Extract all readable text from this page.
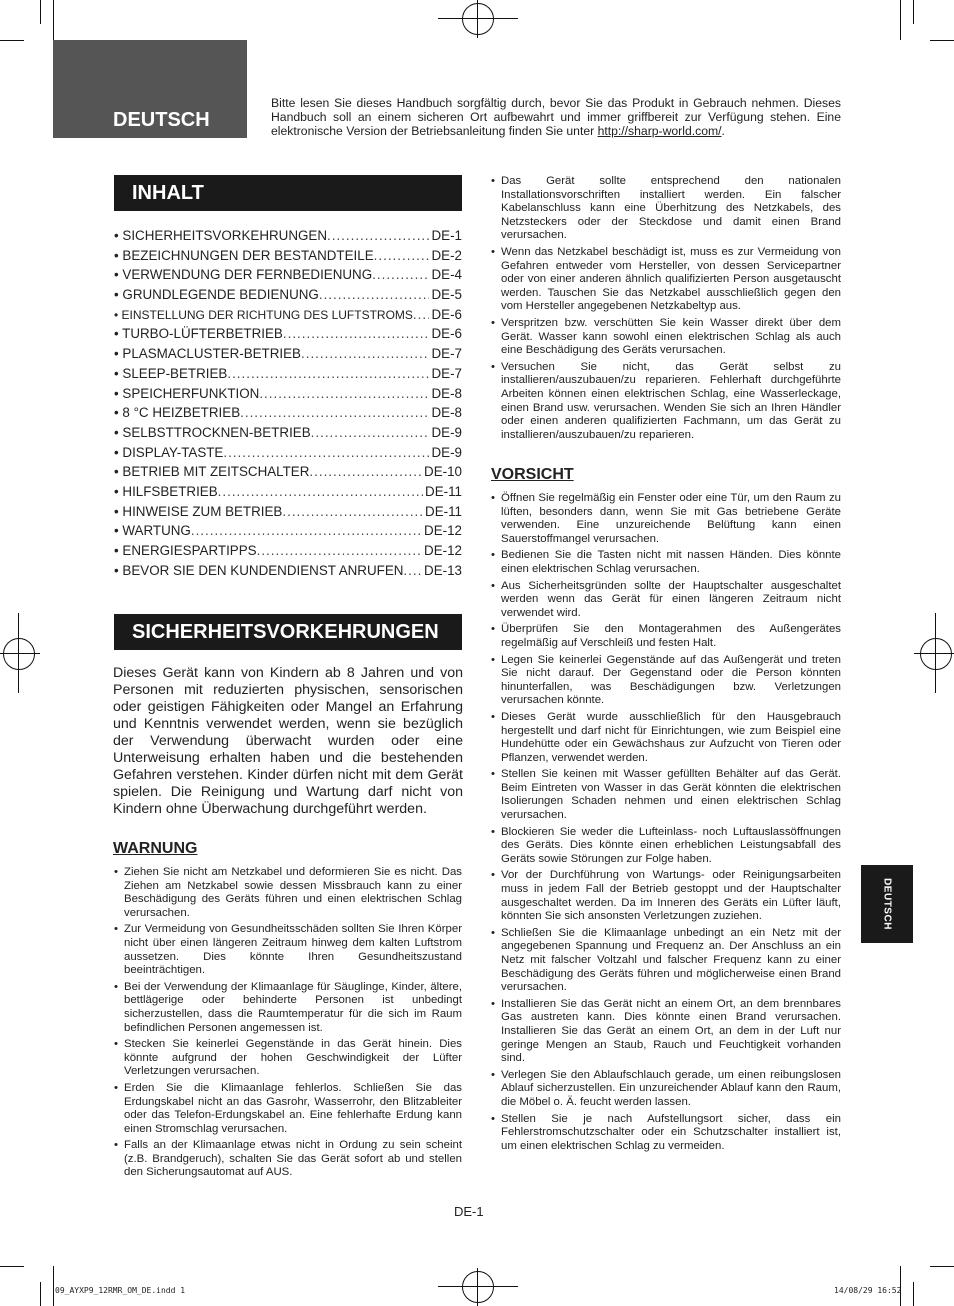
DEUTSCH
Bitte lesen Sie dieses Handbuch sorgfältig durch, bevor Sie das Produkt in Gebrauch nehmen. Dieses Handbuch soll an einem sicheren Ort aufbewahrt und immer griffbereit zur Verfügung stehen. Eine elektronische Version der Betriebsanleitung finden Sie unter http://sharp-world.com/.
INHALT
• SICHERHEITSVORKEHRUNGEN .....	DE-1
• BEZEICHNUNGEN DER BESTANDTEILE .....	DE-2
• VERWENDUNG DER FERNBEDIENUNG .....	DE-4
• GRUNDLEGENDE BEDIENUNG .....	DE-5
• EINSTELLUNG DER RICHTUNG DES LUFTSTROMS ..... DE-6
• TURBO-LÜFTERBETRIEB .....	DE-6
• PLASMACLUSTER-BETRIEB .....	DE-7
• SLEEP-BETRIEB .....	DE-7
• SPEICHERFUNKTION .....	DE-8
• 8 °C HEIZBETRIEB .....	DE-8
• SELBSTTROCKNEN-BETRIEB .....	DE-9
• DISPLAY-TASTE .....	DE-9
• BETRIEB MIT ZEITSCHALTER .....	DE-10
• HILFSBETRIEB .....	DE-11
• HINWEISE ZUM BETRIEB .....	DE-11
• WARTUNG .....	DE-12
• ENERGIESPARTIPPS .....	DE-12
• BEVOR SIE DEN KUNDENDIENST ANRUFEN ..... DE-13
SICHERHEITSVORKEHRUNGEN
Dieses Gerät kann von Kindern ab 8 Jahren und von Personen mit reduzierten physischen, sensorischen oder geistigen Fähigkeiten oder Mangel an Erfahrung und Kenntnis verwendet werden, wenn sie bezüglich der Verwendung überwacht wurden oder eine Unterweisung erhalten haben und die bestehenden Gefahren verstehen. Kinder dürfen nicht mit dem Gerät spielen. Die Reinigung und Wartung darf nicht von Kindern ohne Überwachung durchgeführt werden.
WARNUNG
• Ziehen Sie nicht am Netzkabel und deformieren Sie es nicht. Das Ziehen am Netzkabel sowie dessen Missbrauch kann zu einer Beschädigung des Geräts führen und einen elektrischen Schlag verursachen.
• Zur Vermeidung von Gesundheitsschäden sollten Sie Ihren Körper nicht über einen längeren Zeitraum hinweg dem kalten Luftstrom aussetzen. Dies könnte Ihren Gesundheitszustand beeinträchtigen.
• Bei der Verwendung der Klimaanlage für Säuglinge, Kinder, ältere, bettlägerige oder behinderte Personen ist unbedingt sicherzustellen, dass die Raumtemperatur für die sich im Raum befindlichen Personen angemessen ist.
• Stecken Sie keinerlei Gegenstände in das Gerät hinein. Dies könnte aufgrund der hohen Geschwindigkeit der Lüfter Verletzungen verursachen.
• Erden Sie die Klimaanlage fehlerlos. Schließen Sie das Erdungskabel nicht an das Gasrohr, Wasserrohr, den Blitzableiter oder das Telefon-Erdungskabel an. Eine fehlerhafte Erdung kann einen Stromschlag verursachen.
• Falls an der Klimaanlage etwas nicht in Ordung zu sein scheint (z.B. Brandgeruch), schalten Sie das Gerät sofort ab und stellen den Sicherungsautomat auf AUS.
• Das Gerät sollte entsprechend den nationalen Installationsvorschriften installiert werden. Ein falscher Kabelanschluss kann eine Überhitzung des Netzkabels, des Netzsteckers oder der Steckdose und damit einen Brand verursachen.
• Wenn das Netzkabel beschädigt ist, muss es zur Vermeidung von Gefahren entweder vom Hersteller, von dessen Servicepartner oder von einer anderen ähnlich qualifizierten Person ausgetauscht werden. Tauschen Sie das Netzkabel ausschließlich gegen den vom Hersteller angegebenen Netzkabeltyp aus.
• Verspritzen bzw. verschütten Sie kein Wasser direkt über dem Gerät. Wasser kann sowohl einen elektrischen Schlag als auch eine Beschädigung des Geräts verursachen.
• Versuchen Sie nicht, das Gerät selbst zu installieren/auszubauen/zu reparieren. Fehlerhaft durchgeführte Arbeiten können einen elektrischen Schlag, eine Wasserleckage, einen Brand usw. verursachen. Wenden Sie sich an Ihren Händler oder einen anderen qualifizierten Fachmann, um das Gerät zu installieren/auszubauen/zu reparieren.
VORSICHT
• Öffnen Sie regelmäßig ein Fenster oder eine Tür, um den Raum zu lüften, besonders dann, wenn Sie mit Gas betriebene Geräte verwenden. Eine unzureichende Belüftung kann einen Sauerstoffmangel verursachen.
• Bedienen Sie die Tasten nicht mit nassen Händen. Dies könnte einen elektrischen Schlag verursachen.
• Aus Sicherheitsgründen sollte der Hauptschalter ausgeschaltet werden wenn das Gerät für einen längeren Zeitraum nicht verwendet wird.
• Überprüfen Sie den Montagerahmen des Außengerätes regelmäßig auf Verschleiß und festen Halt.
• Legen Sie keinerlei Gegenstände auf das Außengerät und treten Sie nicht darauf. Der Gegenstand oder die Person könnten hinunterfallen, was Beschädigungen bzw. Verletzungen verursachen könnte.
• Dieses Gerät wurde ausschließlich für den Hausgebrauch hergestellt und darf nicht für Einrichtungen, wie zum Beispiel eine Hundehütte oder ein Gewächshaus zur Aufzucht von Tieren oder Pflanzen, verwendet werden.
• Stellen Sie keinen mit Wasser gefüllten Behälter auf das Gerät. Beim Eintreten von Wasser in das Gerät könnten die elektrischen Isolierungen Schaden nehmen und einen elektrischen Schlag verursachen.
• Blockieren Sie weder die Lufteinlass- noch Luftauslassöffnungen des Geräts. Dies könnte einen erheblichen Leistungsabfall des Geräts sowie Störungen zur Folge haben.
• Vor der Durchführung von Wartungs- oder Reinigungsarbeiten muss in jedem Fall der Betrieb gestoppt und der Hauptschalter ausgeschaltet werden. Da im Inneren des Geräts ein Lüfter läuft, könnten Sie sich ansonsten Verletzungen zuziehen.
• Schließen Sie die Klimaanlage unbedingt an ein Netz mit der angegebenen Spannung und Frequenz an. Der Anschluss an ein Netz mit falscher Voltzahl und falscher Frequenz kann zu einer Beschädigung des Geräts führen und möglicherweise einen Brand verursachen.
• Installieren Sie das Gerät nicht an einem Ort, an dem brennbares Gas austreten kann. Dies könnte einen Brand verursachen. Installieren Sie das Gerät an einem Ort, an dem in der Luft nur geringe Mengen an Staub, Rauch und Feuchtigkeit vorhanden sind.
• Verlegen Sie den Ablaufschlauch gerade, um einen reibungslosen Ablauf sicherzustellen. Ein unzureichender Ablauf kann den Raum, die Möbel o. Ä. feucht werden lassen.
• Stellen Sie je nach Aufstellungsort sicher, dass ein Fehlerstromschutzschalter oder ein Schutzschalter installiert ist, um einen elektrischen Schlag zu vermeiden.
DEUTSCH
DE-1
09_AYXP9_12RMR_OM_DE.indd 1	14/08/29 16:52
